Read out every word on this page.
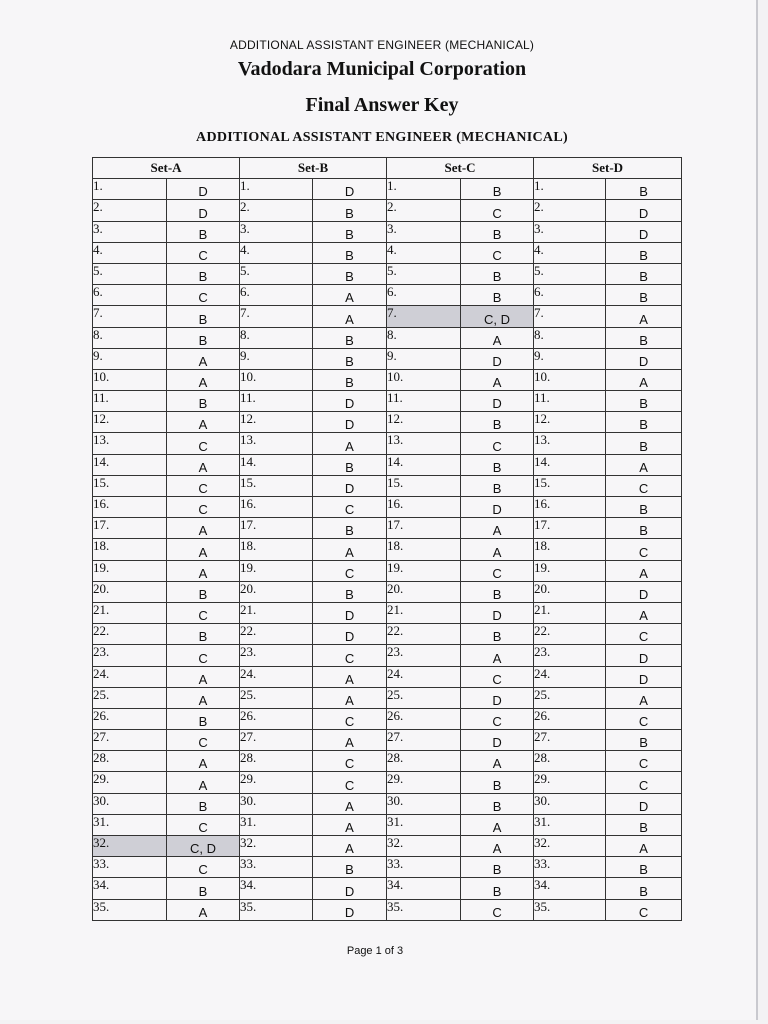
ADDITIONAL ASSISTANT ENGINEER (MECHANICAL)
Vadodara Municipal Corporation
Final Answer Key
ADDITIONAL ASSISTANT ENGINEER (MECHANICAL)
Set-A		Set-B		Set-C		Set-D	
1.	D	1.	D	1.	B	1.	B
2.	D	2.	B	2.	C	2.	D
3.	B	3.	B	3.	B	3.	D
4.	C	4.	B	4.	C	4.	B
5.	B	5.	B	5.	B	5.	B
6.	C	6.	A	6.	B	6.	B
7.	B	7.	A	7.	C, D	7.	A
8.	B	8.	B	8.	A	8.	B
9.	A	9.	B	9.	D	9.	D
10.	A	10.	B	10.	A	10.	A
11.	B	11.	D	11.	D	11.	B
12.	A	12.	D	12.	B	12.	B
13.	C	13.	A	13.	C	13.	B
14.	A	14.	B	14.	B	14.	A
15.	C	15.	D	15.	B	15.	C
16.	C	16.	C	16.	D	16.	B
17.	A	17.	B	17.	A	17.	B
18.	A	18.	A	18.	A	18.	C
19.	A	19.	C	19.	C	19.	A
20.	B	20.	B	20.	B	20.	D
21.	C	21.	D	21.	D	21.	A
22.	B	22.	D	22.	B	22.	C
23.	C	23.	C	23.	A	23.	D
24.	A	24.	A	24.	C	24.	D
25.	A	25.	A	25.	D	25.	A
26.	B	26.	C	26.	C	26.	C
27.	C	27.	A	27.	D	27.	B
28.	A	28.	C	28.	A	28.	C
29.	A	29.	C	29.	B	29.	C
30.	B	30.	A	30.	B	30.	D
31.	C	31.	A	31.	A	31.	B
32.	C, D	32.	A	32.	A	32.	A
33.	C	33.	B	33.	B	33.	B
34.	B	34.	D	34.	B	34.	B
35.	A	35.	D	35.	C	35.	C
Page 1 of 3
